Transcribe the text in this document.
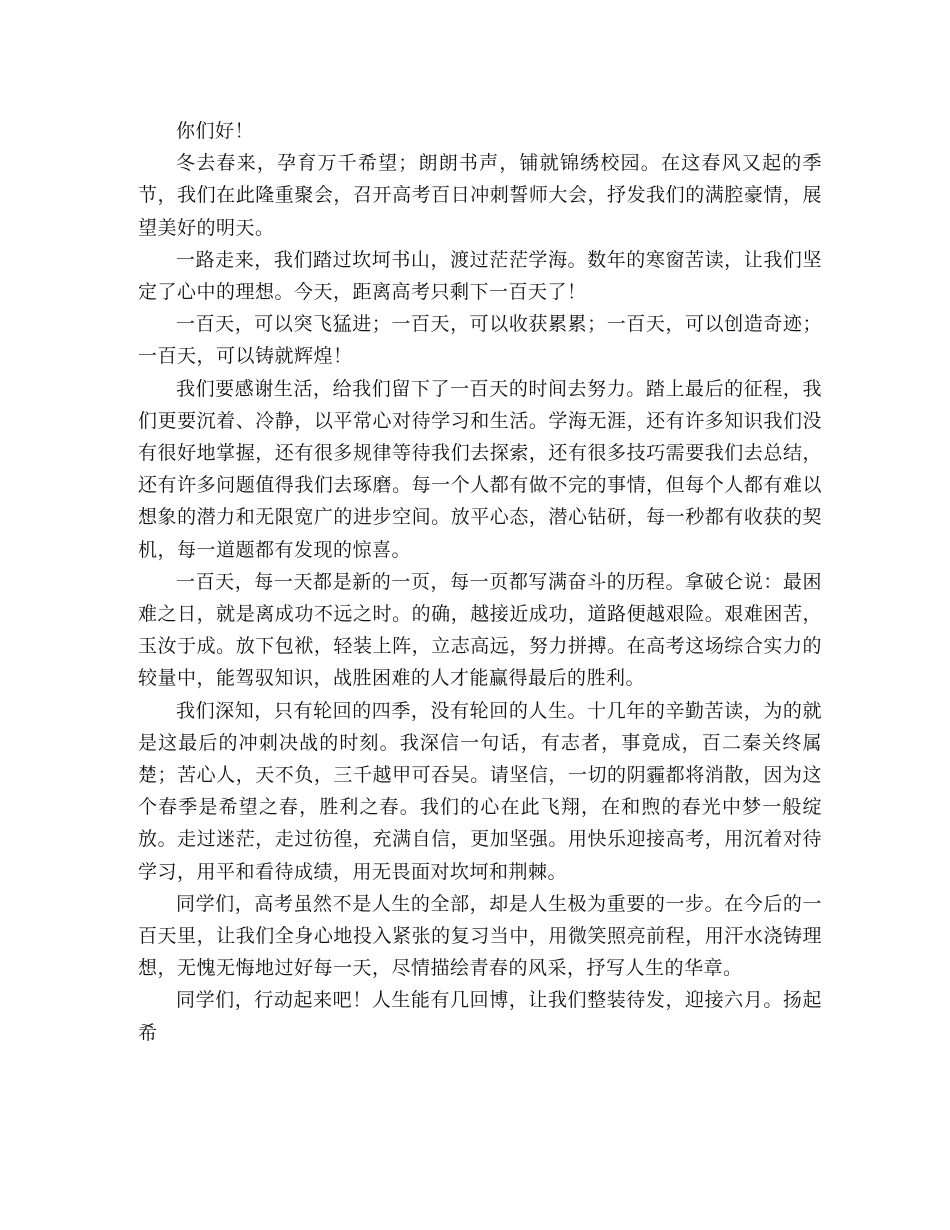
你们好！

冬去春来，孕育万千希望；朗朗书声，铺就锦绣校园。在这春风又起的季节，我们在此隆重聚会，召开高考百日冲刺誓师大会，抒发我们的满腔豪情，展望美好的明天。

一路走来，我们踏过坎坷书山，渡过茫茫学海。数年的寒窗苦读，让我们坚定了心中的理想。今天，距离高考只剩下一百天了！

一百天，可以突飞猛进；一百天，可以收获累累；一百天，可以创造奇迹；一百天，可以铸就辉煌！

我们要感谢生活，给我们留下了一百天的时间去努力。踏上最后的征程，我们更要沉着、冷静，以平常心对待学习和生活。学海无涯，还有许多知识我们没有很好地掌握，还有很多规律等待我们去探索，还有很多技巧需要我们去总结，还有许多问题值得我们去琢磨。每一个人都有做不完的事情，但每个人都有难以想象的潜力和无限宽广的进步空间。放平心态，潜心钻研，每一秒都有收获的契机，每一道题都有发现的惊喜。

一百天，每一天都是新的一页，每一页都写满奋斗的历程。拿破仑说：最困难之日，就是离成功不远之时。的确，越接近成功，道路便越艰险。艰难困苦，玉汝于成。放下包袱，轻装上阵，立志高远，努力拼搏。在高考这场综合实力的较量中，能驾驭知识，战胜困难的人才能赢得最后的胜利。

我们深知，只有轮回的四季，没有轮回的人生。十几年的辛勤苦读，为的就是这最后的冲刺决战的时刻。我深信一句话，有志者，事竟成，百二秦关终属楚；苦心人，天不负，三千越甲可吞吴。请坚信，一切的阴霾都将消散，因为这个春季是希望之春，胜利之春。我们的心在此飞翔，在和煦的春光中梦一般绽放。走过迷茫，走过彷徨，充满自信，更加坚强。用快乐迎接高考，用沉着对待学习，用平和看待成绩，用无畏面对坎坷和荆棘。

同学们，高考虽然不是人生的全部，却是人生极为重要的一步。在今后的一百天里，让我们全身心地投入紧张的复习当中，用微笑照亮前程，用汗水浇铸理想，无愧无悔地过好每一天，尽情描绘青春的风采，抒写人生的华章。

同学们，行动起来吧！人生能有几回博，让我们整装待发，迎接六月。扬起希
